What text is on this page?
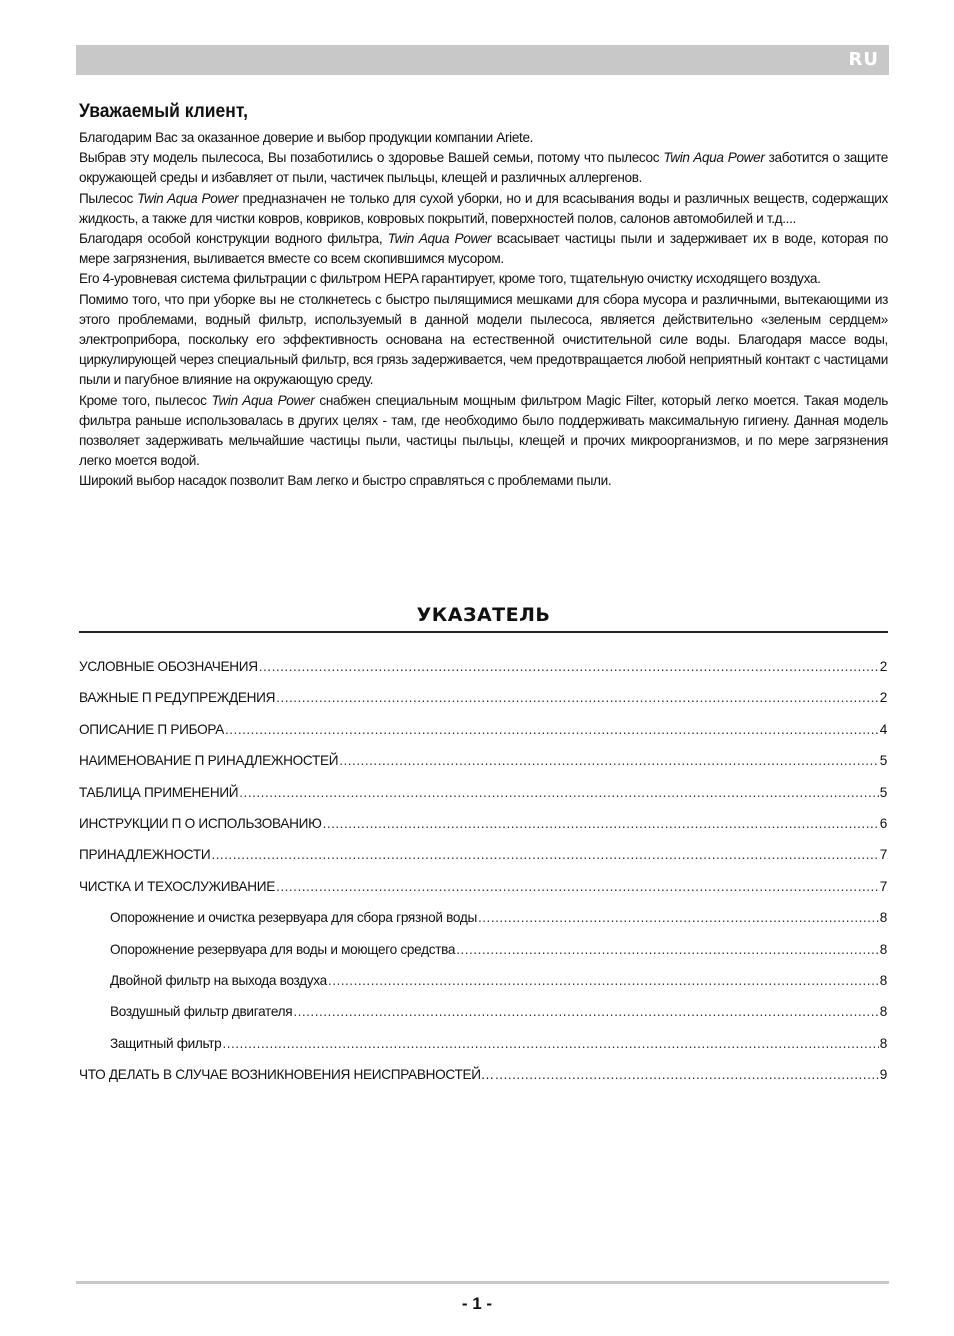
RU
Уважаемый клиент,

Благодарим Вас за оказанное доверие и выбор продукции компании Ariete.

Выбрав эту модель пылесоса, Вы позаботились о здоровье Вашей семьи, потому что пылесос Twin Aqua Power заботится о защите окружающей среды и избавляет от пыли, частичек пыльцы, клещей и различных аллергенов.

Пылесос Twin Aqua Power предназначен не только для сухой уборки, но и для всасывания воды и различных веществ, содержащих жидкость, а также для чистки ковров, ковриков, ковровых покрытий, поверхностей полов, салонов автомобилей и т.д....

Благодаря особой конструкции водного фильтра, Twin Aqua Power всасывает частицы пыли и задерживает их в воде, которая по мере загрязнения, выливается вместе со всем скопившимся мусором.

Его 4-уровневая система фильтрации с фильтром HEPA гарантирует, кроме того, тщательную очистку исходящего воздуха.

Помимо того, что при уборке вы не столкнетесь с быстро пылящимися мешками для сбора мусора и различными, вытекающими из этого проблемами, водный фильтр, используемый в данной модели пылесоса, является действительно «зеленым сердцем» электроприбора, поскольку его эффективность основана на естественной очистительной силе воды. Благодаря массе воды, циркулирующей через специальный фильтр, вся грязь задерживается, чем предотвращается любой неприятный контакт с частицами пыли и пагубное влияние на окружающую среду.

Кроме того, пылесос Twin Aqua Power снабжен специальным мощным фильтром Magic Filter, который легко моется. Такая модель фильтра раньше использовалась в других целях - там, где необходимо было поддерживать максимальную гигиену. Данная модель позволяет задерживать мельчайшие частицы пыли, частицы пыльцы, клещей и прочих микроорганизмов, и по мере загрязнения легко моется водой.

Широкий выбор насадок позволит Вам легко и быстро справляться с проблемами пыли.

УКАЗАТЕЛЬ
УСЛОВНЫЕ ОБОЗНАЧЕНИЯ .....	2
ВАЖНЫЕ П РЕДУПРЕЖДЕНИЯ .....	2
ОПИСАНИЕ П РИБОРА .....	4
НАИМЕНОВАНИЕ П РИНАДЛЕЖНОСТЕЙ .....	5
ТАБЛИЦА ПРИМЕНЕНИЙ .....	5
ИНСТРУКЦИИ П О ИСПОЛЬЗОВАНИЮ .....	6
ПРИНАДЛЕЖНОСТИ .....	7
ЧИСТКА И ТЕХОСЛУЖИВАНИЕ .....	7
Опорожнение и очистка резервуара для сбора грязной воды .....	8
Опорожнение резервуара для воды и моющего средства .....	8
Двойной фильтр на выхода воздуха .....	8
Воздушный фильтр двигателя .....	8
Защитный фильтр .....	8
ЧТО ДЕЛАТЬ В СЛУЧАЕ ВОЗНИКНОВЕНИЯ НЕИСПРАВНОСТЕЙ… .....	9
- 1 -
